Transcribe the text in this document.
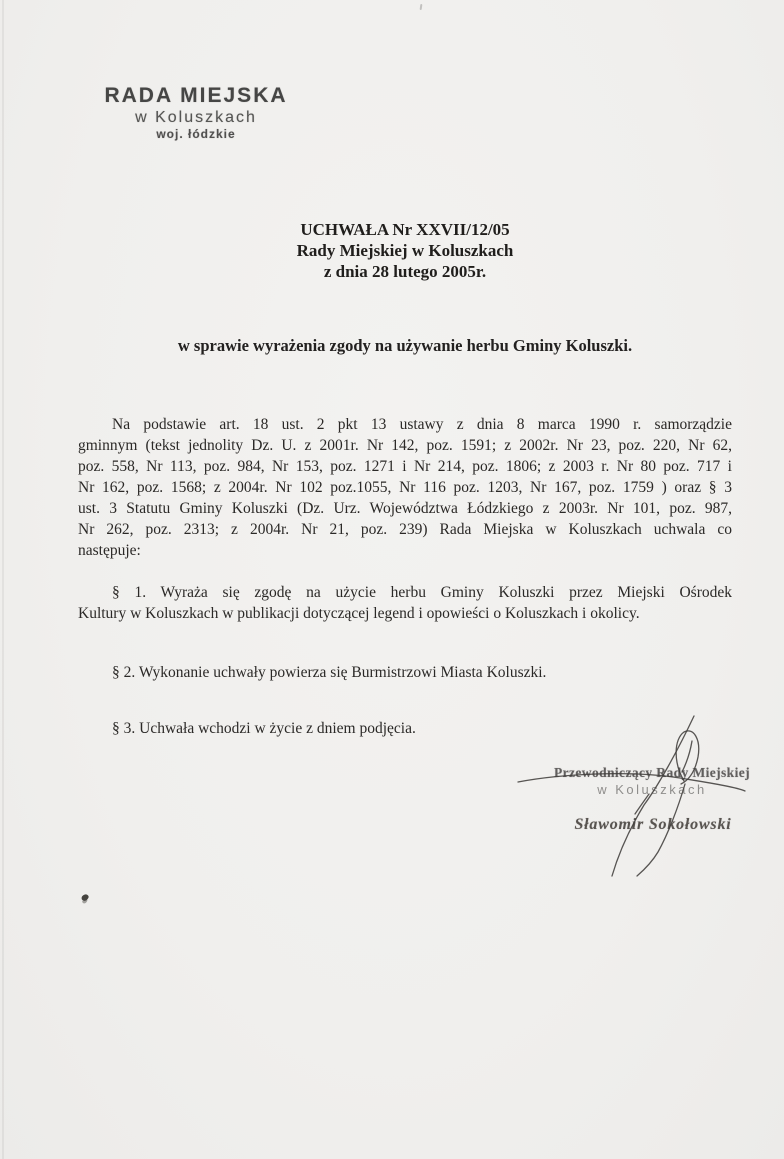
RADA MIEJSKA
w Koluszkach
woj. łódzkie
UCHWAŁA Nr XXVII/12/05
Rady Miejskiej w Koluszkach
z dnia 28 lutego 2005r.
w sprawie wyrażenia zgody na używanie herbu Gminy Koluszki.
Na podstawie art. 18 ust. 2 pkt 13 ustawy z dnia 8 marca 1990 r. samorządzie
gminnym (tekst jednolity Dz. U. z 2001r. Nr 142, poz. 1591; z 2002r. Nr 23, poz. 220, Nr 62,
poz. 558, Nr 113, poz. 984, Nr 153, poz. 1271 i Nr 214, poz. 1806; z 2003 r. Nr 80 poz. 717 i
Nr 162, poz. 1568; z 2004r. Nr 102 poz.1055, Nr 116 poz. 1203, Nr 167, poz. 1759 ) oraz § 3
ust. 3 Statutu Gminy Koluszki (Dz. Urz. Województwa Łódzkiego z 2003r. Nr 101, poz. 987,
Nr 262, poz. 2313; z 2004r. Nr 21, poz. 239) Rada Miejska w Koluszkach uchwala co
następuje:
§ 1. Wyraża się zgodę na użycie herbu Gminy Koluszki przez Miejski Ośrodek
Kultury w Koluszkach w publikacji dotyczącej legend i opowieści o Koluszkach i okolicy.
§ 2. Wykonanie uchwały powierza się Burmistrzowi Miasta Koluszki.
§ 3. Uchwała wchodzi w życie z dniem podjęcia.
Przewodniczący Rady Miejskiej
w Koluszkach
Sławomir Sokołowski
